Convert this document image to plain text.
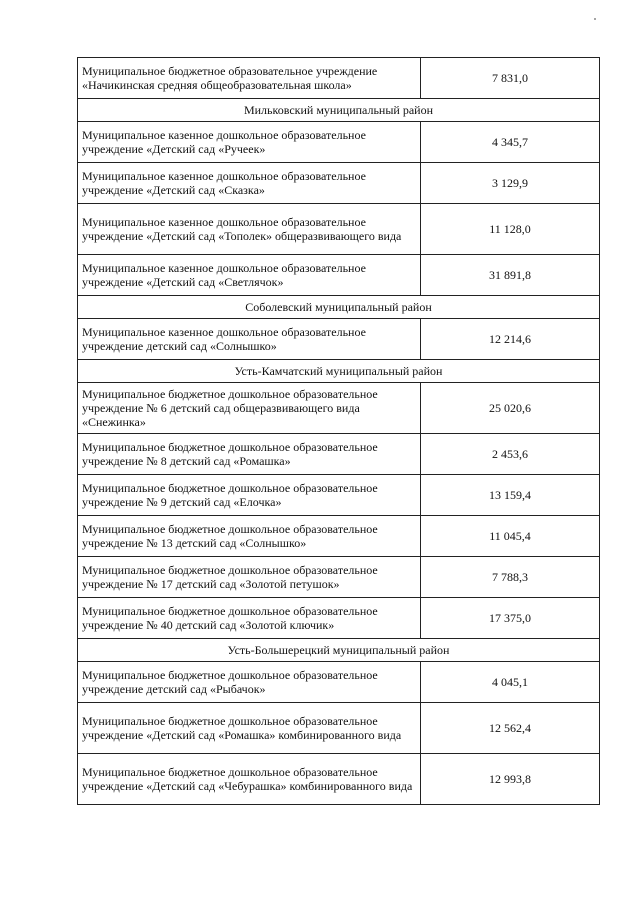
Муниципальное бюджетное образовательное учреждение «Начикинская средняя общеобразовательная школа»	7 831,0
Мильковский муниципальный район	
Муниципальное казенное дошкольное образовательное учреждение «Детский сад «Ручеек»	4 345,7
Муниципальное казенное дошкольное образовательное учреждение «Детский сад «Сказка»	3 129,9
Муниципальное казенное дошкольное образовательное учреждение «Детский сад «Тополек» общеразвивающего вида	11 128,0
Муниципальное казенное дошкольное образовательное учреждение «Детский сад «Светлячок»	31 891,8
Соболевский муниципальный район	
Муниципальное казенное дошкольное образовательное учреждение детский сад «Солнышко»	12 214,6
Усть-Камчатский муниципальный район	
Муниципальное бюджетное дошкольное образовательное учреждение № 6 детский сад общеразвивающего вида «Снежинка»	25 020,6
Муниципальное бюджетное дошкольное образовательное учреждение № 8 детский сад «Ромашка»	2 453,6
Муниципальное бюджетное дошкольное образовательное учреждение № 9 детский сад «Елочка»	13 159,4
Муниципальное бюджетное дошкольное образовательное учреждение № 13 детский сад «Солнышко»	11 045,4
Муниципальное бюджетное дошкольное образовательное учреждение № 17 детский сад «Золотой петушок»	7 788,3
Муниципальное бюджетное дошкольное образовательное учреждение № 40 детский сад «Золотой ключик»	17 375,0
Усть-Большерецкий муниципальный район	
Муниципальное бюджетное дошкольное образовательное учреждение детский сад «Рыбачок»	4 045,1
Муниципальное бюджетное дошкольное образовательное учреждение «Детский сад «Ромашка» комбинированного вида	12 562,4
Муниципальное бюджетное дошкольное образовательное учреждение «Детский сад «Чебурашка» комбинированного вида	12 993,8
